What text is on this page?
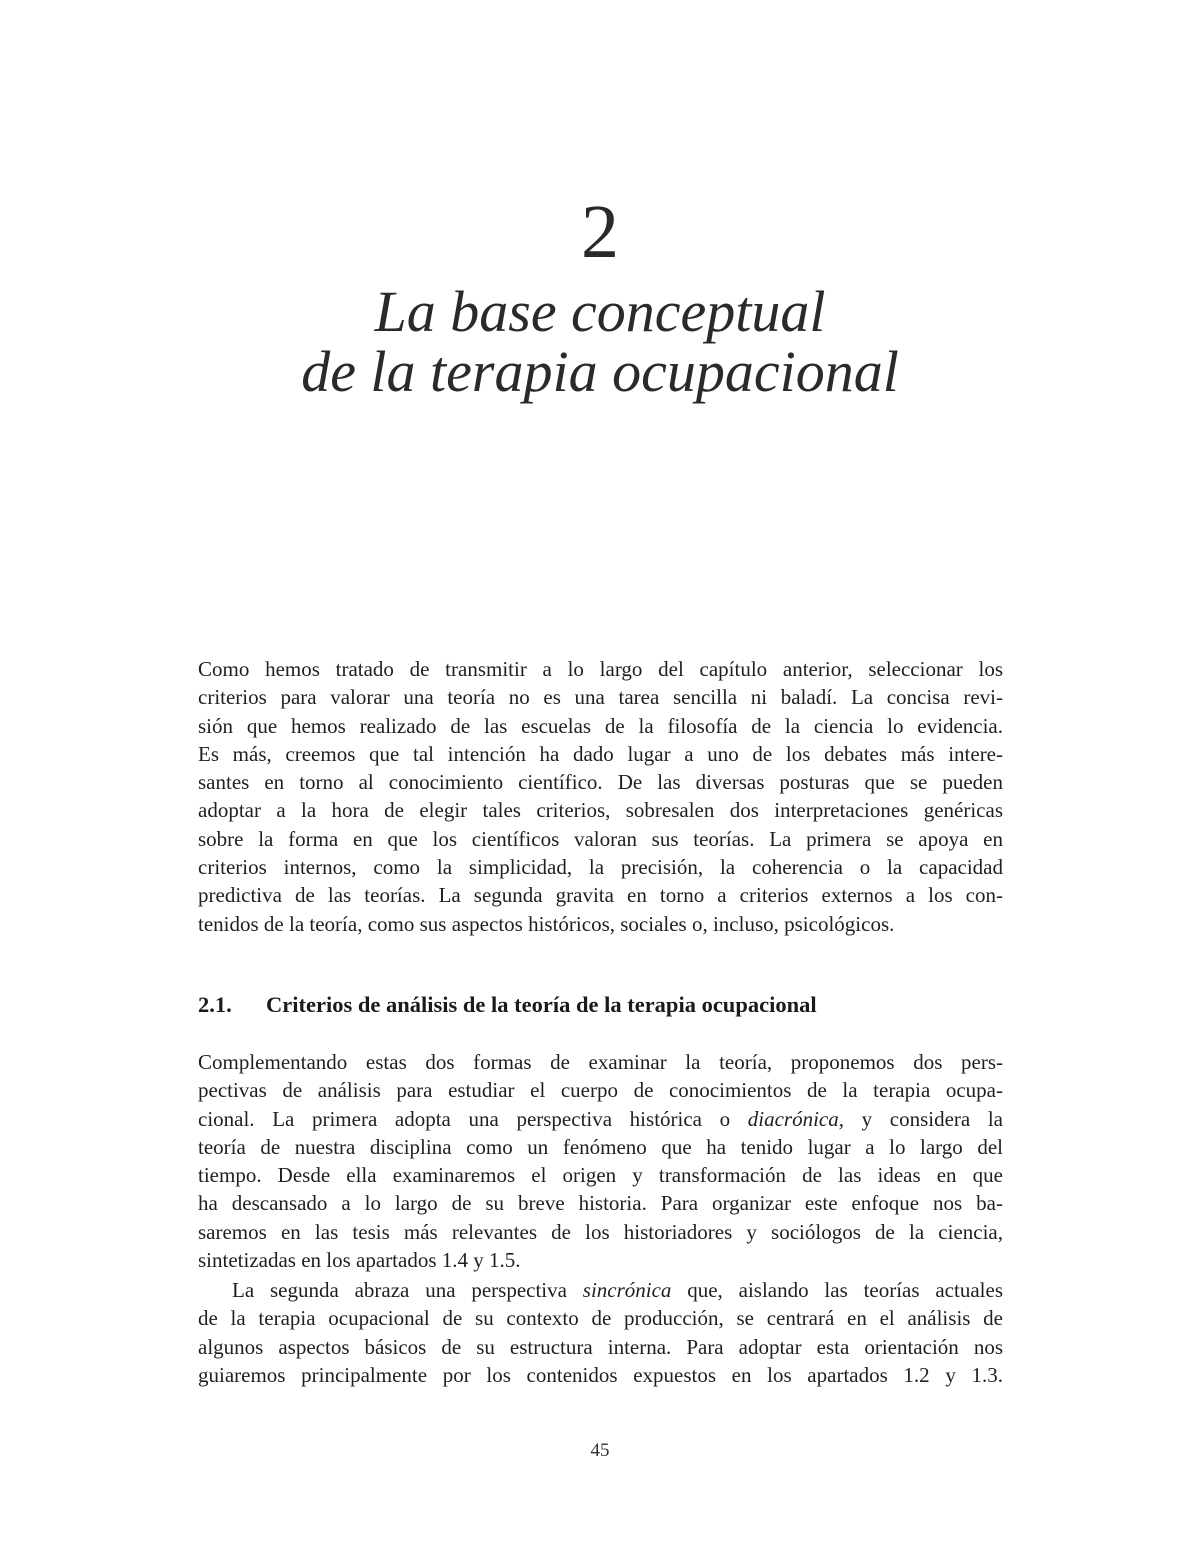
2
La base conceptual
de la terapia ocupacional
Como hemos tratado de transmitir a lo largo del capítulo anterior, seleccionar los
criterios para valorar una teoría no es una tarea sencilla ni baladí. La concisa revi-
sión que hemos realizado de las escuelas de la filosofía de la ciencia lo evidencia.
Es más, creemos que tal intención ha dado lugar a uno de los debates más intere-
santes en torno al conocimiento científico. De las diversas posturas que se pueden
adoptar a la hora de elegir tales criterios, sobresalen dos interpretaciones genéricas
sobre la forma en que los científicos valoran sus teorías. La primera se apoya en
criterios internos, como la simplicidad, la precisión, la coherencia o la capacidad
predictiva de las teorías. La segunda gravita en torno a criterios externos a los con-
tenidos de la teoría, como sus aspectos históricos, sociales o, incluso, psicológicos.
2.1. Criterios de análisis de la teoría de la terapia ocupacional
Complementando estas dos formas de examinar la teoría, proponemos dos pers-
pectivas de análisis para estudiar el cuerpo de conocimientos de la terapia ocupa-
cional. La primera adopta una perspectiva histórica o diacrónica, y considera la
teoría de nuestra disciplina como un fenómeno que ha tenido lugar a lo largo del
tiempo. Desde ella examinaremos el origen y transformación de las ideas en que
ha descansado a lo largo de su breve historia. Para organizar este enfoque nos ba-
saremos en las tesis más relevantes de los historiadores y sociólogos de la ciencia,
sintetizadas en los apartados 1.4 y 1.5.
La segunda abraza una perspectiva sincrónica que, aislando las teorías actuales
de la terapia ocupacional de su contexto de producción, se centrará en el análisis de
algunos aspectos básicos de su estructura interna. Para adoptar esta orientación nos
guiaremos principalmente por los contenidos expuestos en los apartados 1.2 y 1.3.
45
